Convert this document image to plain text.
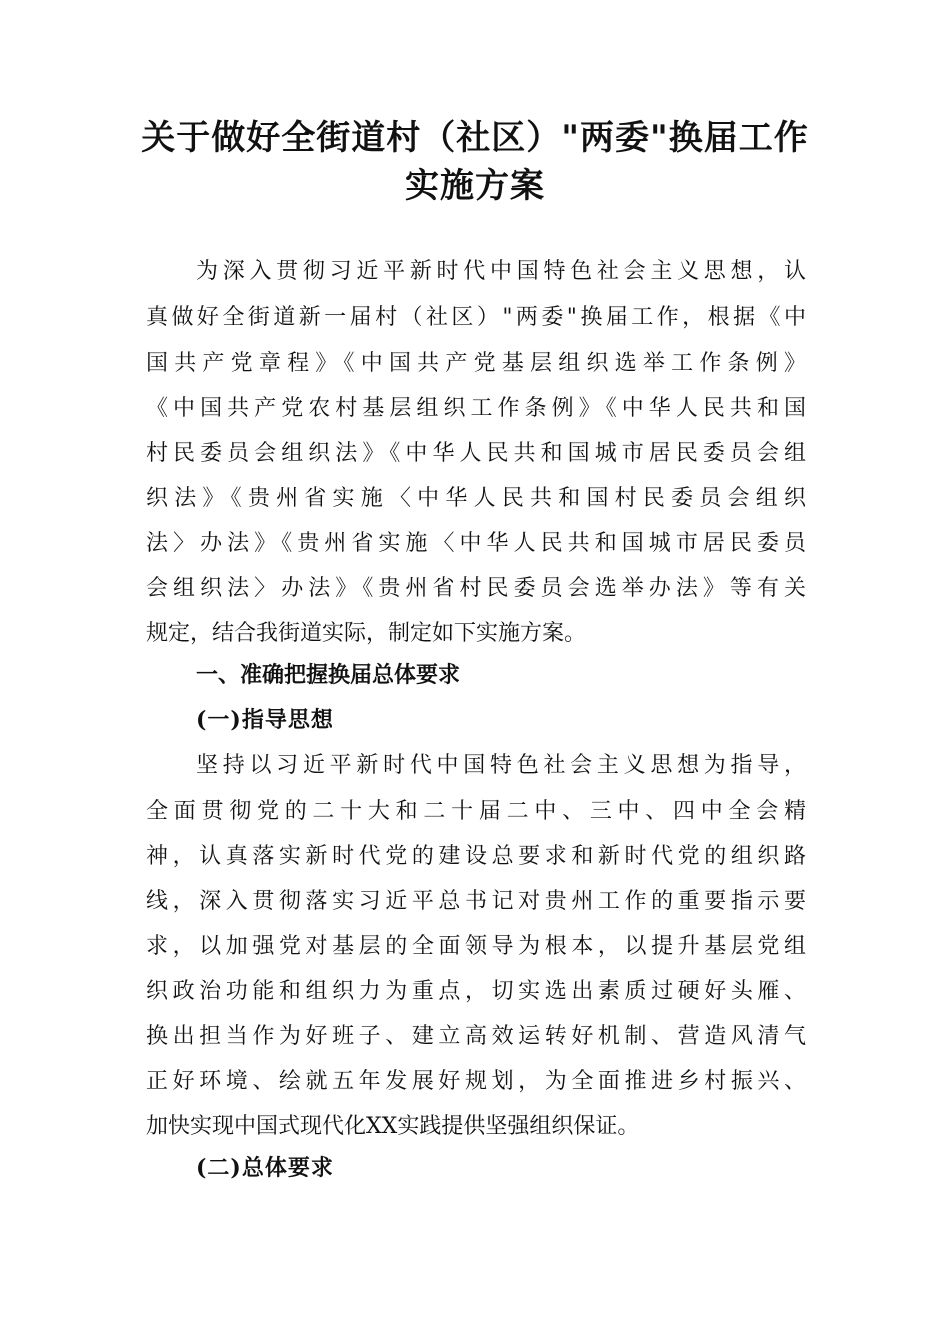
关于做好全街道村（社区）"两委"换届工作
实施方案

为深入贯彻习近平新时代中国特色社会主义思想，认

真做好全街道新一届村（社区）"两委"换届工作，根据《中

国共产党章程》《中国共产党基层组织选举工作条例》

《中国共产党农村基层组织工作条例》《中华人民共和国

村民委员会组织法》《中华人民共和国城市居民委员会组

织法》《贵州省实施〈中华人民共和国村民委员会组织

法〉办法》《贵州省实施〈中华人民共和国城市居民委员

会组织法〉办法》《贵州省村民委员会选举办法》等有关

规定，结合我街道实际，制定如下实施方案。

一、准确把握换届总体要求
(一)指导思想

坚持以习近平新时代中国特色社会主义思想为指导，

全面贯彻党的二十大和二十届二中、三中、四中全会精

神，认真落实新时代党的建设总要求和新时代党的组织路

线，深入贯彻落实习近平总书记对贵州工作的重要指示要

求，以加强党对基层的全面领导为根本，以提升基层党组

织政治功能和组织力为重点，切实选出素质过硬好头雁、

换出担当作为好班子、建立高效运转好机制、营造风清气

正好环境、绘就五年发展好规划，为全面推进乡村振兴、

加快实现中国式现代化XX实践提供坚强组织保证。

(二)总体要求
